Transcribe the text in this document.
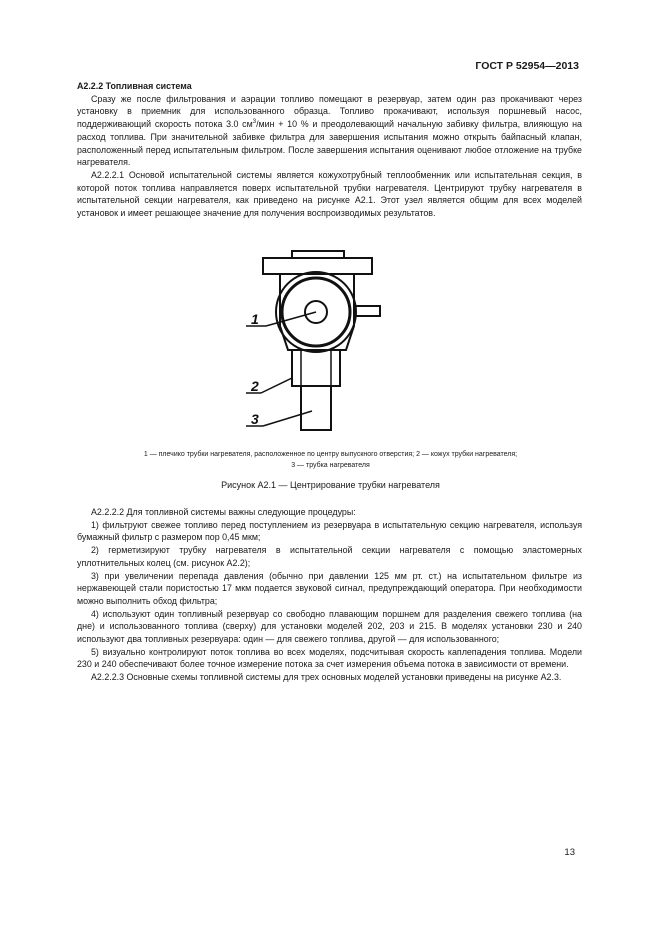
ГОСТ Р 52954—2013

А2.2.2 Топливная система

Сразу же после фильтрования и аэрации топливо помещают в резервуар, затем один раз прокачивают через установку в приемник для использованного образца. Топливо прокачивают, используя поршневый насос, поддерживающий скорость потока 3.0 $см^3$/мин + 10 % и преодолевающий начальную забивку фильтра, влияющую на расход топлива. При значительной забивке фильтра для завершения испытания можно открыть байпасный клапан, расположенный перед испытательным фильтром. После завершения испытания оценивают любое отложение на трубке нагревателя.

А2.2.2.1 Основой испытательной системы является кожухотрубный теплообменник или испытательная секция, в которой поток топлива направляется поверх испытательной трубки нагревателя. Центрируют трубку нагревателя в испытательной секции нагревателя, как приведено на рисунке А2.1. Этот узел является общим для всех моделей установок и имеет решающее значение для получения воспроизводимых результатов.

1
2
3
1 — плечико трубки нагревателя, расположенное по центру выпускного отверстия; 2 — кожух трубки нагревателя;
3 — трубка нагревателя
Рисунок А2.1 — Центрирование трубки нагревателя

А2.2.2.2 Для топливной системы важны следующие процедуры:

1) фильтруют свежее топливо перед поступлением из резервуара в испытательную секцию нагревателя, используя бумажный фильтр с размером пор 0,45 мкм;

2) герметизируют трубку нагревателя в испытательной секции нагревателя с помощью эластомерных уплотнительных колец (см. рисунок А2.2);

3) при увеличении перепада давления (обычно при давлении 125 мм рт. ст.) на испытательном фильтре из нержавеющей стали пористостью 17 мкм подается звуковой сигнал, предупреждающий оператора. При необходимости можно выполнить обход фильтра;

4) используют один топливный резервуар со свободно плавающим поршнем для разделения свежего топлива (на дне) и использованного топлива (сверху) для установки моделей 202, 203 и 215. В моделях установки 230 и 240 используют два топливных резервуара: один — для свежего топлива, другой — для использованного;

5) визуально контролируют поток топлива во всех моделях, подсчитывая скорость каплепадения топлива. Модели 230 и 240 обеспечивают более точное измерение потока за счет измерения объема потока в зависимости от времени.

А2.2.2.3 Основные схемы топливной системы для трех основных моделей установки приведены на рисунке А2.3.

13
